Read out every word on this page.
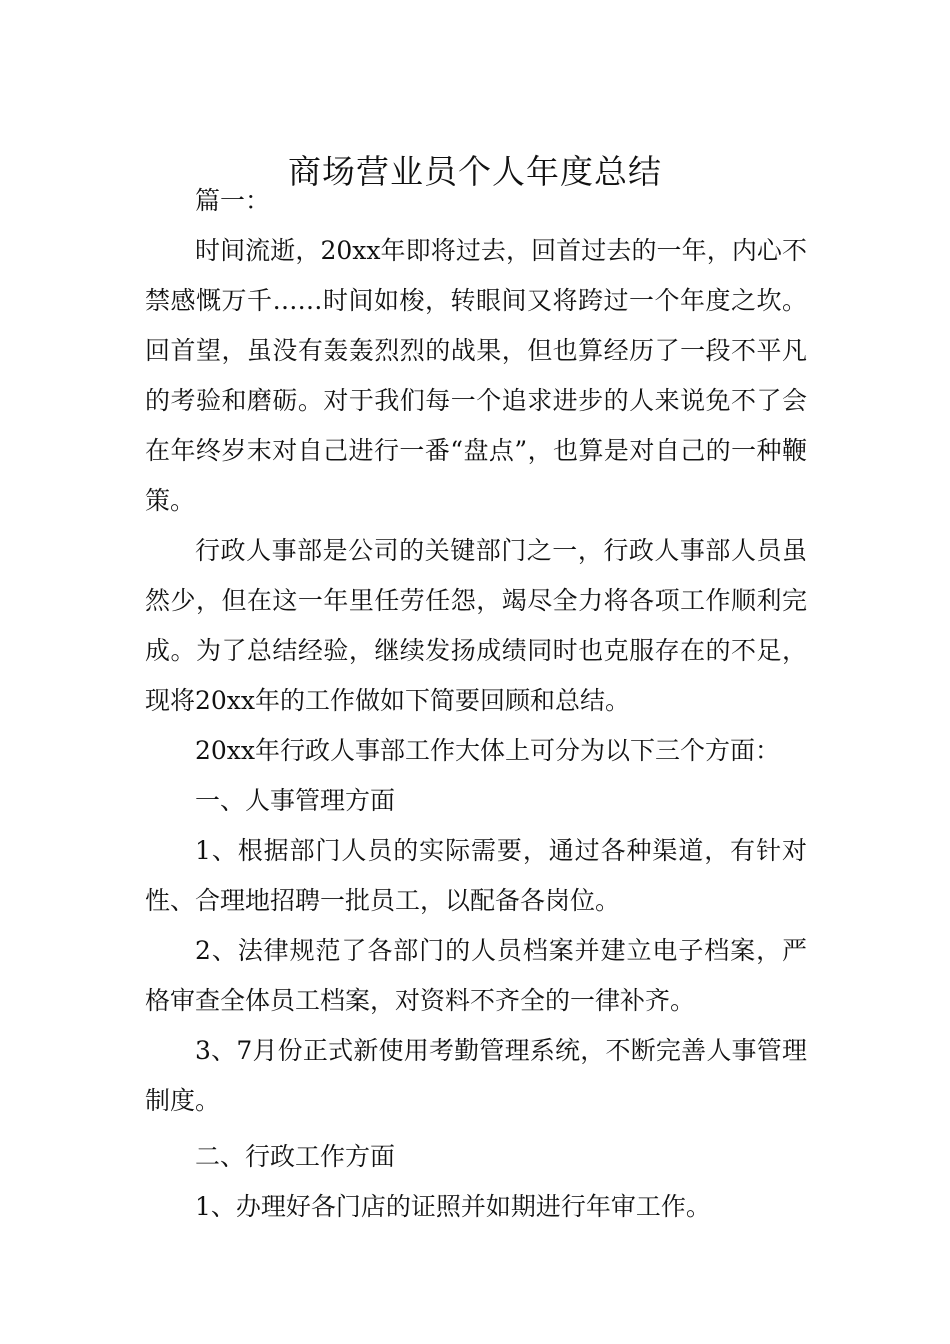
商场营业员个人年度总结

篇一：

时间流逝，20xx年即将过去，回首过去的一年，内心不禁感慨万千……时间如梭，转眼间又将跨过一个年度之坎。回首望，虽没有轰轰烈烈的战果，但也算经历了一段不平凡的考验和磨砺。对于我们每一个追求进步的人来说免不了会在年终岁末对自己进行一番“盘点”，也算是对自己的一种鞭策。

行政人事部是公司的关键部门之一，行政人事部人员虽然少，但在这一年里任劳任怨，竭尽全力将各项工作顺利完成。为了总结经验，继续发扬成绩同时也克服存在的不足，现将20xx年的工作做如下简要回顾和总结。

20xx年行政人事部工作大体上可分为以下三个方面：

一、人事管理方面

1、根据部门人员的实际需要，通过各种渠道，有针对性、合理地招聘一批员工，以配备各岗位。

2、法律规范了各部门的人员档案并建立电子档案，严格审查全体员工档案，对资料不齐全的一律补齐。

3、7月份正式新使用考勤管理系统，不断完善人事管理制度。

二、行政工作方面

1、办理好各门店的证照并如期进行年审工作。
